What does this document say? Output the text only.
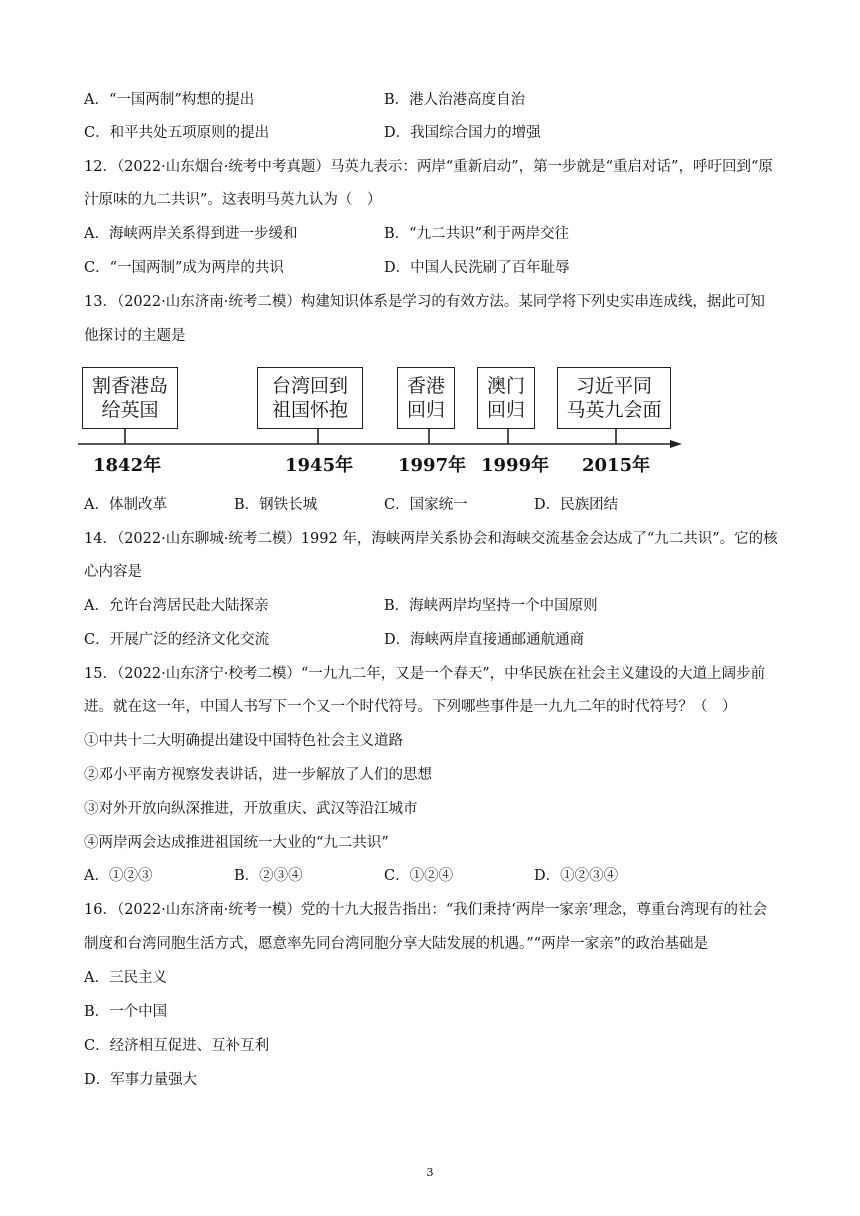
A．“一国两制”构想的提出	B．港人治港高度自治
C．和平共处五项原则的提出	D．我国综合国力的增强
12．（2022·山东烟台·统考中考真题）马英九表示：两岸“重新启动”，第一步就是“重启对话”，呼吁回到“原
汁原味的九二共识”。这表明马英九认为（　）
A．海峡两岸关系得到进一步缓和	B．“九二共识”利于两岸交往
C．“一国两制”成为两岸的共识	D．中国人民洗刷了百年耻辱
13．（2022·山东济南·统考二模）构建知识体系是学习的有效方法。某同学将下列史实串连成线，据此可知
他探讨的主题是
割香港岛
给英国
台湾回到
祖国怀抱
香港
回归
澳门
回归
习近平同
马英九会面
1842年	1945年 1997年 1999年 2015年
A．体制改革	B．钢铁长城	C．国家统一	D．民族团结
14．（2022·山东聊城·统考二模）1992 年，海峡两岸关系协会和海峡交流基金会达成了“九二共识”。它的核
心内容是
A．允许台湾居民赴大陆探亲	B．海峡两岸均坚持一个中国原则
C．开展广泛的经济文化交流	D．海峡两岸直接通邮通航通商
15．（2022·山东济宁·校考二模）“一九九二年，又是一个春天”，中华民族在社会主义建设的大道上阔步前
进。就在这一年，中国人书写下一个又一个时代符号。下列哪些事件是一九九二年的时代符号？（　）
①中共十二大明确提出建设中国特色社会主义道路
②邓小平南方视察发表讲话，进一步解放了人们的思想
③对外开放向纵深推进，开放重庆、武汉等沿江城市
④两岸两会达成推进祖国统一大业的“九二共识”
A．①②③	B．②③④	C．①②④	D．①②③④
16．（2022·山东济南·统考一模）党的十九大报告指出：“我们秉持‘两岸一家亲’理念，尊重台湾现有的社会
制度和台湾同胞生活方式，愿意率先同台湾同胞分享大陆发展的机遇。”“两岸一家亲”的政治基础是
A．三民主义
B．一个中国
C．经济相互促进、互补互利
D．军事力量强大
3
